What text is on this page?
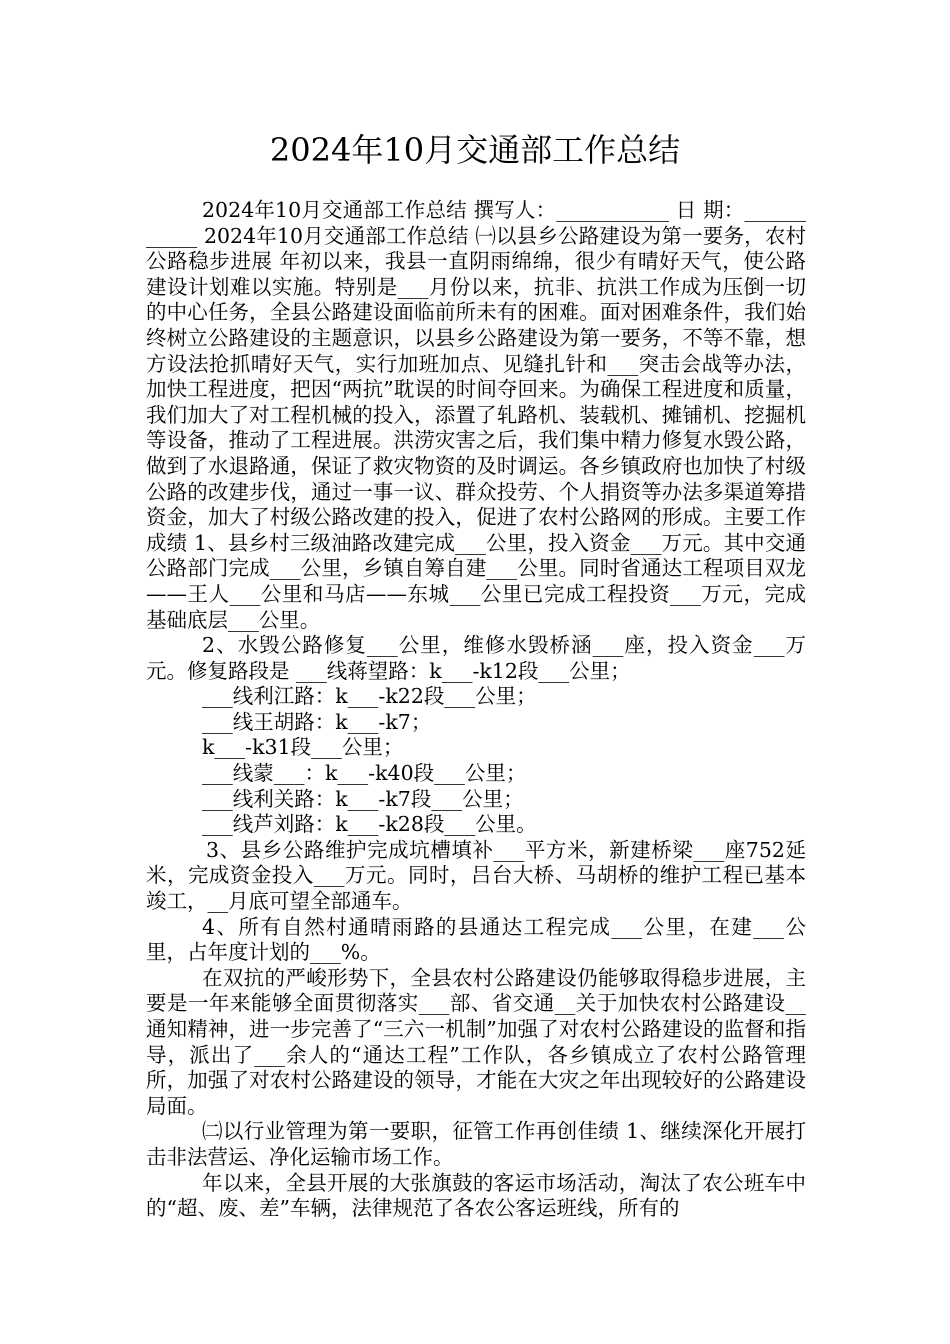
2024年10月交通部工作总结

2024年10月交通部工作总结 撰写人：___________ 日 期：___________ 2024年10月交通部工作总结 ㈠以县乡公路建设为第一要务，农村公路稳步进展 年初以来，我县一直阴雨绵绵，很少有晴好天气，使公路建设计划难以实施。特别是___月份以来，抗非、抗洪工作成为压倒一切的中心任务，全县公路建设面临前所未有的困难。面对困难条件，我们始终树立公路建设的主题意识，以县乡公路建设为第一要务，不等不靠，想方设法抢抓晴好天气，实行加班加点、见缝扎针和___突击会战等办法，加快工程进度，把因“两抗”耽误的时间夺回来。为确保工程进度和质量，我们加大了对工程机械的投入，添置了轧路机、装载机、摊铺机、挖掘机等设备，推动了工程进展。洪涝灾害之后，我们集中精力修复水毁公路，做到了水退路通，保证了救灾物资的及时调运。各乡镇政府也加快了村级公路的改建步伐，通过一事一议、群众投劳、个人捐资等办法多渠道筹措资金，加大了村级公路改建的投入，促进了农村公路网的形成。主要工作成绩 1、县乡村三级油路改建完成___公里，投入资金___万元。其中交通公路部门完成___公里，乡镇自筹自建___公里。同时省通达工程项目双龙——王人___公里和马店——东城___公里已完成工程投资___万元，完成基础底层___公里。

2、水毁公路修复___公里，维修水毁桥涵___座，投入资金___万元。修复路段是 ___线蒋望路：k___-k12段___公里；

___线利江路：k___-k22段___公里；

___线王胡路：k___-k7；

k___-k31段___公里；

___线蒙___：k___-k40段___公里；

___线利关路：k___-k7段___公里；

___线芦刘路：k___-k28段___公里。

3、县乡公路维护完成坑槽填补___平方米，新建桥梁___座752延米，完成资金投入___万元。同时，吕台大桥、马胡桥的维护工程已基本竣工，__月底可望全部通车。

4、所有自然村通晴雨路的县通达工程完成___公里，在建___公里，占年度计划的___%。

在双抗的严峻形势下，全县农村公路建设仍能够取得稳步进展，主要是一年来能够全面贯彻落实___部、省交通__关于加快农村公路建设__通知精神，进一步完善了“三六一机制”加强了对农村公路建设的监督和指导，派出了___余人的“通达工程”工作队，各乡镇成立了农村公路管理所，加强了对农村公路建设的领导，才能在大灾之年出现较好的公路建设局面。

㈡以行业管理为第一要职，征管工作再创佳绩 1、继续深化开展打击非法营运、净化运输市场工作。

年以来，全县开展的大张旗鼓的客运市场活动，淘汰了农公班车中的“超、废、差”车辆，法律规范了各农公客运班线，所有的
